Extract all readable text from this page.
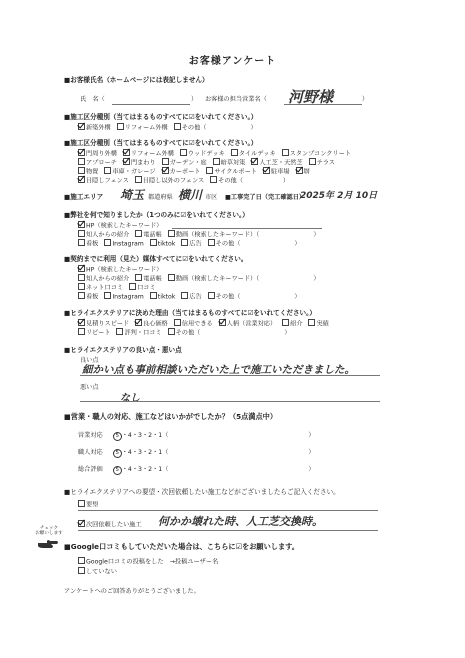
お客様アンケート
■お客様氏名（ホームページには表記しません）
氏　名（	） お客様の担当営業名（ 河野様	）
■施工区分種別（当てはまるものすべてに☑をいれてください。）
新築外構 リフォーム外構 その他（	）
■施工区分種別（当てはまるものすべてに☑をいれてください。）
門周り外構 リフォーム外構 ウッドデッキ タイルデッキ スタンプコンクリート
アプローチ 門まわり ガーデン・庭 暗草対策 人工芝・天然芝 テラス
物置 車庫・ガレージ カーポート サイクルポート 駐車場 塀
目隠しフェンス 目隠し以外のフェンス その他（	）
■施工エリア 埼玉 都道府県 横川 市区 ■工事完了日（完工確認日）
2025年 2月 10日
■弊社を何で知りましたか（1つのみに☑をいれてください。）
HP（検索したキーワード）
知人からの紹介 電話帳 動画（検索したキーワード）（	）
看板 Instagram tiktok 広告 その他（	）
■契約までに利用（見た）媒体すべてに☑をいれてください。
HP（検索したキーワード）
知人からの紹介 電話帳 動画（検索したキーワード）（	）
ネット口コミ 口コミ
看板 Instagram tiktok 広告 その他（	）
■ヒライエクステリアに決めた理由（当てはまるものすべてに☑をいれてください。）
見積りスピード 良心価格 信用できる 人柄（営業対応） 紹介 実績
リピート 評判・口コミ その他（	）
■ヒライエクステリアの良い点・悪い点
良い点
細かい点も事前相談いただいた上で施工いただきました。
悪い点
なし
■営業・職人の対応、施工などはいかがでしたか？（5点満点中）
営業対応 5 ・4・3・2・1（	）
職人対応 5 ・4・3・2・1（	）
総合評価 5 ・4・3・2・1（	）
■ヒライエクステリアへの要望・次回依頼したい施工などがございましたらご記入ください。
要望
次回依頼したい施工	何かか壊れた時、人工芝交換時。
チェック
お願いします
■Google口コミもしていただいた場合は、こちらに☑をお願いします。
Google口コミの投稿をした　→投稿ユーザー名
していない
アンケートへのご回答ありがとうございました。
